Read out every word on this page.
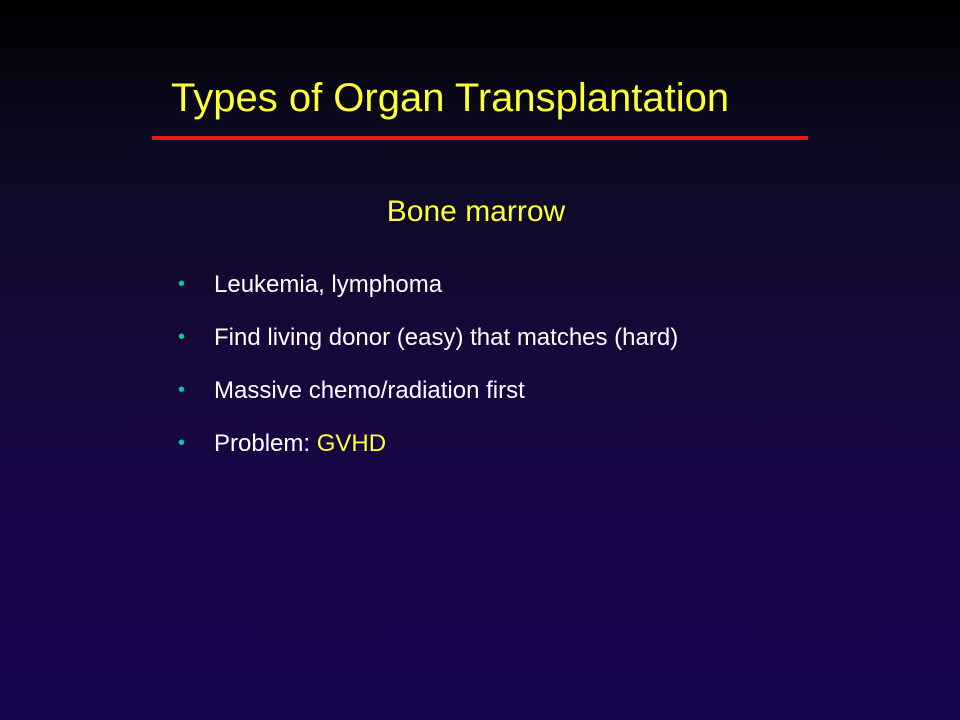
Types of Organ Transplantation
Bone marrow
•	Leukemia, lymphoma
•	Find living donor (easy) that matches (hard)
•	Massive chemo/radiation first
•	Problem: GVHD
